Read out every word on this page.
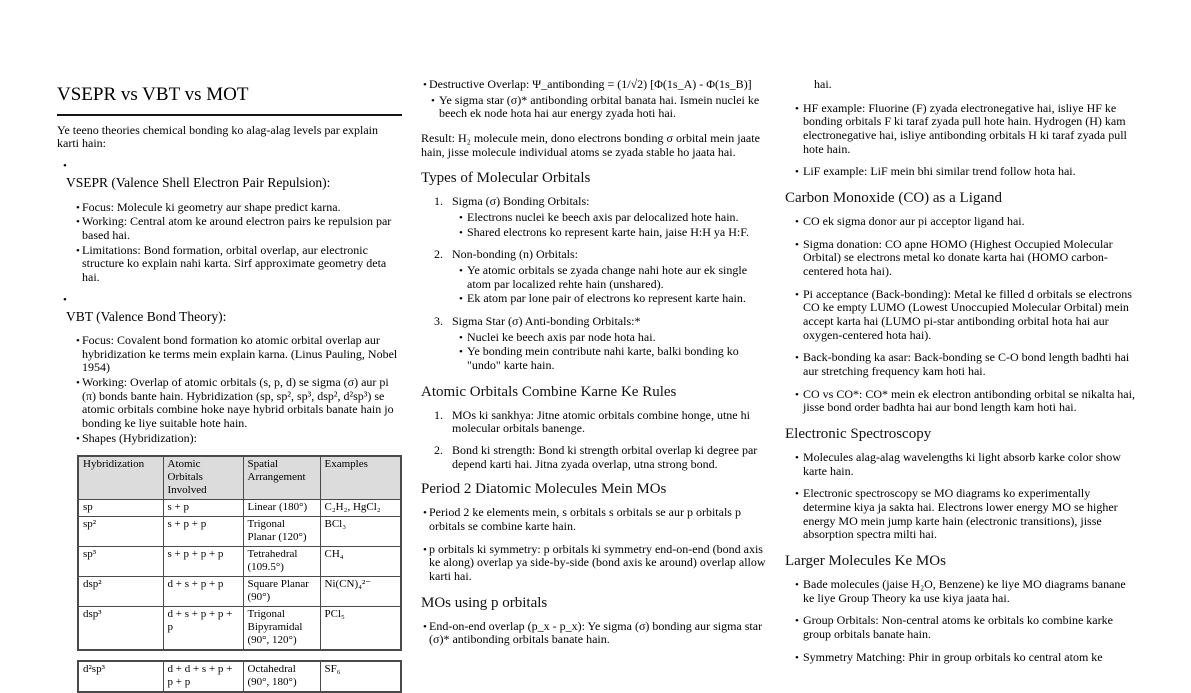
VSEPR vs VBT vs MOT
Ye teeno theories chemical bonding ko alag-alag levels par explain karti hain:
•
VSEPR (Valence Shell Electron Pair Repulsion):
• Focus: Molecule ki geometry aur shape predict karna.
• Working: Central atom ke around electron pairs ke repulsion par based hai.
• Limitations: Bond formation, orbital overlap, aur electronic structure ko explain nahi karta. Sirf approximate geometry deta hai.
•
VBT (Valence Bond Theory):
• Focus: Covalent bond formation ko atomic orbital overlap aur hybridization ke terms mein explain karna. (Linus Pauling, Nobel 1954)
• Working: Overlap of atomic orbitals (s, p, d) se sigma (σ) aur pi (π) bonds bante hain. Hybridization (sp, sp², sp³, dsp², d²sp³) se atomic orbitals combine hoke naye hybrid orbitals banate hain jo bonding ke liye suitable hote hain.
• Shapes (Hybridization):
Hybridization	Atomic Orbitals Involved	Spatial Arrangement	Examples
sp	s + p	Linear (180°)	C₂H₂, HgCl₂
sp²	s + p + p	Trigonal Planar (120°)	BCl₃
sp³	s + p + p + p	Tetrahedral (109.5°)	CH₄
dsp²	d + s + p + p	Square Planar (90°)	Ni(CN)₄²⁻
dsp³	d + s + p + p + p	Trigonal Bipyramidal (90°, 120°)	PCl₅
d²sp³	d + d + s + p + p + p	Octahedral (90°, 180°)	SF₆
• Destructive Overlap: Ψ_antibonding = (1/√2) [Φ(1s_A) - Φ(1s_B)]
• Ye sigma star (σ)* antibonding orbital banata hai. Ismein nuclei ke beech ek node hota hai aur energy zyada hoti hai.
Result: H₂ molecule mein, dono electrons bonding σ orbital mein jaate hain, jisse molecule individual atoms se zyada stable ho jaata hai.
Types of Molecular Orbitals
1. Sigma (σ) Bonding Orbitals:
• Electrons nuclei ke beech axis par delocalized hote hain.
• Shared electrons ko represent karte hain, jaise H:H ya H:F.
2. Non-bonding (n) Orbitals:
• Ye atomic orbitals se zyada change nahi hote aur ek single atom par localized rehte hain (unshared).
• Ek atom par lone pair of electrons ko represent karte hain.
3. Sigma Star (σ) Anti-bonding Orbitals:*
• Nuclei ke beech axis par node hota hai.
• Ye bonding mein contribute nahi karte, balki bonding ko "undo" karte hain.
Atomic Orbitals Combine Karne Ke Rules
1. MOs ki sankhya: Jitne atomic orbitals combine honge, utne hi molecular orbitals banenge.
2. Bond ki strength: Bond ki strength orbital overlap ki degree par depend karti hai. Jitna zyada overlap, utna strong bond.
Period 2 Diatomic Molecules Mein MOs
• Period 2 ke elements mein, s orbitals s orbitals se aur p orbitals p orbitals se combine karte hain.
• p orbitals ki symmetry: p orbitals ki symmetry end-on-end (bond axis ke along) overlap ya side-by-side (bond axis ke around) overlap allow karti hai.
MOs using p orbitals
• End-on-end overlap (p_x - p_x): Ye sigma (σ) bonding aur sigma star (σ)* antibonding orbitals banate hain.
hai.
• HF example: Fluorine (F) zyada electronegative hai, isliye HF ke bonding orbitals F ki taraf zyada pull hote hain. Hydrogen (H) kam electronegative hai, isliye antibonding orbitals H ki taraf zyada pull hote hain.
• LiF example: LiF mein bhi similar trend follow hota hai.
Carbon Monoxide (CO) as a Ligand
• CO ek sigma donor aur pi acceptor ligand hai.
• Sigma donation: CO apne HOMO (Highest Occupied Molecular Orbital) se electrons metal ko donate karta hai (HOMO carbon-centered hota hai).
• Pi acceptance (Back-bonding): Metal ke filled d orbitals se electrons CO ke empty LUMO (Lowest Unoccupied Molecular Orbital) mein accept karta hai (LUMO pi-star antibonding orbital hota hai aur oxygen-centered hota hai).
• Back-bonding ka asar: Back-bonding se C-O bond length badhti hai aur stretching frequency kam hoti hai.
• CO vs CO*: CO* mein ek electron antibonding orbital se nikalta hai, jisse bond order badhta hai aur bond length kam hoti hai.
Electronic Spectroscopy
• Molecules alag-alag wavelengths ki light absorb karke color show karte hain.
• Electronic spectroscopy se MO diagrams ko experimentally determine kiya ja sakta hai. Electrons lower energy MO se higher energy MO mein jump karte hain (electronic transitions), jisse absorption spectra milti hai.
Larger Molecules Ke MOs
• Bade molecules (jaise H₂O, Benzene) ke liye MO diagrams banane ke liye Group Theory ka use kiya jaata hai.
• Group Orbitals: Non-central atoms ke orbitals ko combine karke group orbitals banate hain.
• Symmetry Matching: Phir in group orbitals ko central atom ke
